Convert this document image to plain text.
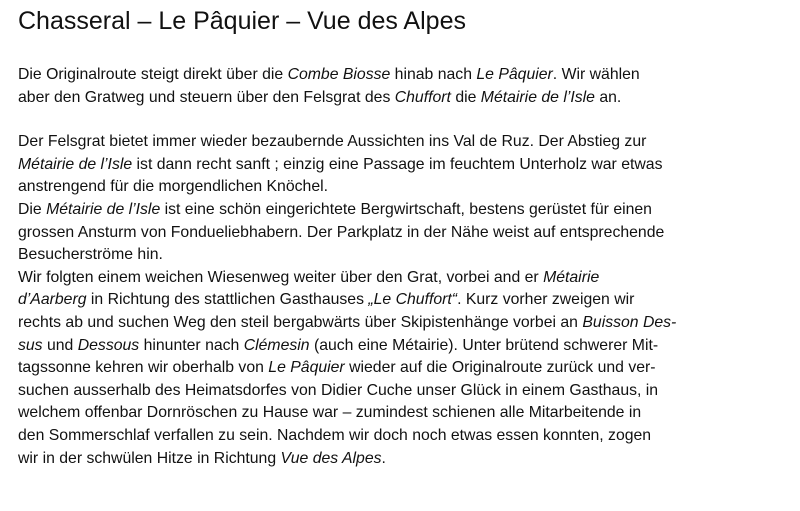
Chasseral – Le Pâquier – Vue des Alpes
Die Originalroute steigt direkt über die Combe Biosse hinab nach Le Pâquier. Wir wählen
aber den Gratweg und steuern über den Felsgrat des Chuffort die Métairie de l’Isle an.
Der Felsgrat bietet immer wieder bezaubernde Aussichten ins Val de Ruz. Der Abstieg zur
Métairie de l’Isle ist dann recht sanft ; einzig eine Passage im feuchtem Unterholz war etwas
anstrengend für die morgendlichen Knöchel.
Die Métairie de l’Isle ist eine schön eingerichtete Bergwirtschaft, bestens gerüstet für einen
grossen Ansturm von Fondueliebhabern. Der Parkplatz in der Nähe weist auf entsprechende
Besucherströme hin.
Wir folgten einem weichen Wiesenweg weiter über den Grat, vorbei and er Métairie
d’Aarberg in Richtung des stattlichen Gasthauses „Le Chuffort“. Kurz vorher zweigen wir
rechts ab und suchen Weg den steil bergabwärts über Skipistenhänge vorbei an Buisson Des-
sus und Dessous hinunter nach Clémesin (auch eine Métairie). Unter brütend schwerer Mit-
tagssonne kehren wir oberhalb von Le Pâquier wieder auf die Originalroute zurück und ver-
suchen ausserhalb des Heimatsdorfes von Didier Cuche unser Glück in einem Gasthaus, in
welchem offenbar Dornröschen zu Hause war – zumindest schienen alle Mitarbeitende in
den Sommerschlaf verfallen zu sein. Nachdem wir doch noch etwas essen konnten, zogen
wir in der schwülen Hitze in Richtung Vue des Alpes.
